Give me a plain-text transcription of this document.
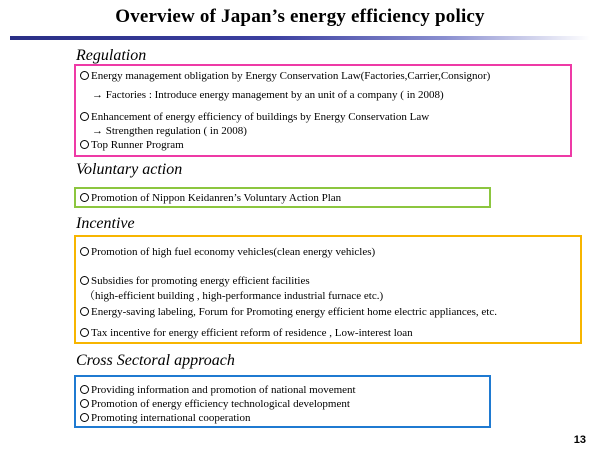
Overview of Japan’s energy efficiency policy
Regulation
Energy management obligation by Energy Conservation Law(Factories,Carrier,Consignor)
→ Factories : Introduce energy management by an unit of a company ( in 2008)
Enhancement of energy efficiency of buildings by Energy Conservation Law
→ Strengthen regulation ( in 2008)
Top Runner Program
Voluntary action
Promotion of Nippon Keidanren’s Voluntary Action Plan
Incentive
Promotion of high fuel economy vehicles(clean energy vehicles)
Subsidies for promoting energy efficient facilities
（high-efficient building , high-performance industrial furnace etc.)
Energy-saving labeling, Forum for Promoting energy efficient home electric appliances, etc.
Tax incentive for energy efficient reform of residence , Low-interest loan
Cross Sectoral approach
Providing information and promotion of national movement
Promotion of energy efficiency technological development
Promoting international cooperation
13
